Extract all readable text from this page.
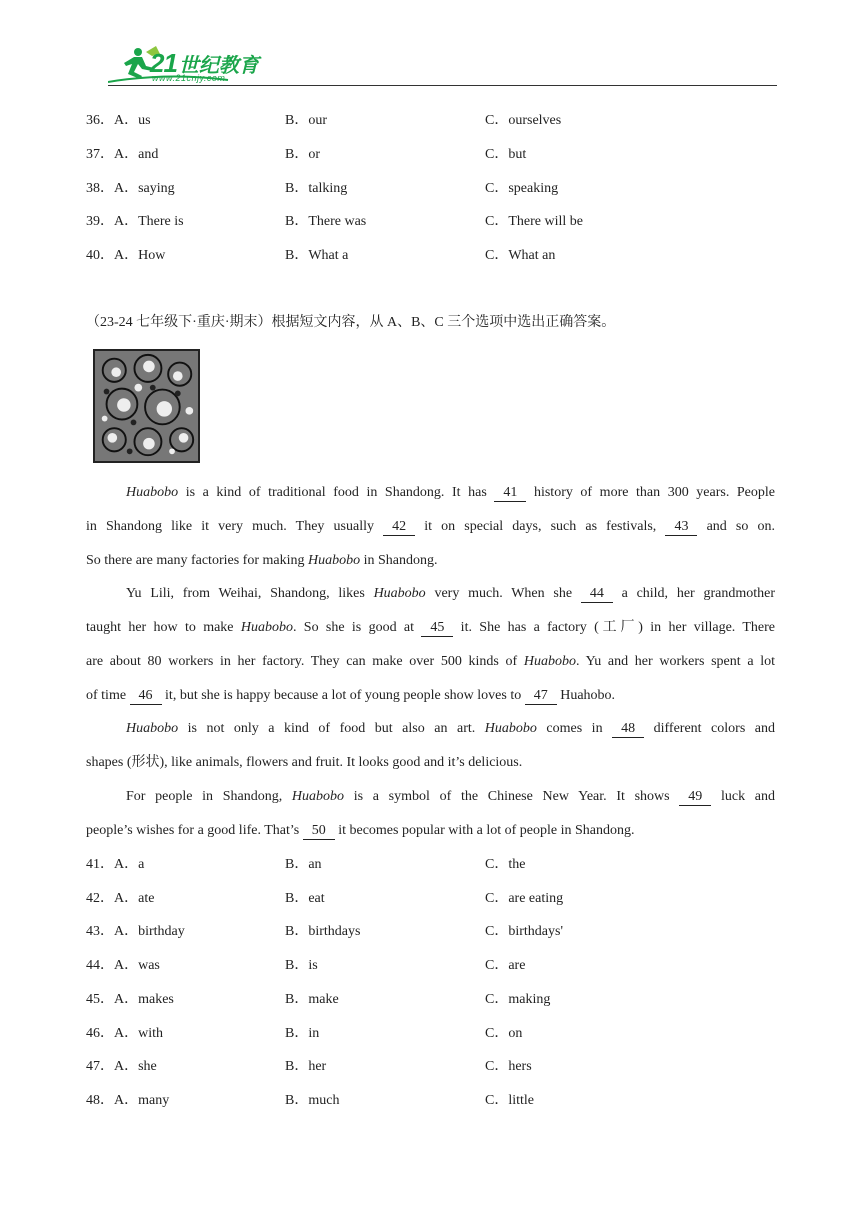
21 世纪教育
www.21cnjy.com
36．A．us	B．our	C．ourselves
37．A．and	B．or	C．but
38．A．saying	B．talking	C．speaking
39．A．There is	B．There was	C．There will be
40．A．How	B．What a	C．What an
（23-24 七年级下·重庆·期末）根据短文内容，从 A、B、C 三个选项中选出正确答案。
Huabobo is a kind of traditional food in Shandong. It has 41 history of more than 300 years. People
in Shandong like it very much. They usually 42 it on special days, such as festivals, 43 and so on.
So there are many factories for making Huabobo in Shandong.
Yu Lili, from Weihai, Shandong, likes Huabobo very much. When she 44 a child, her grandmother
taught her how to make Huabobo. So she is good at 45 it. She has a factory (工厂) in her village. There
are about 80 workers in her factory. They can make over 500 kinds of Huabobo. Yu and her workers spent a lot
of time 46 it, but she is happy because a lot of young people show loves to 47 Huahobo.
Huabobo is not only a kind of food but also an art. Huabobo comes in 48 different colors and
shapes (形状), like animals, flowers and fruit. It looks good and it’s delicious.
For people in Shandong, Huabobo is a symbol of the Chinese New Year. It shows 49 luck and
people’s wishes for a good life. That’s 50 it becomes popular with a lot of people in Shandong.
41．A．a	B．an	C．the
42．A．ate	B．eat	C．are eating
43．A．birthday	B．birthdays	C．birthdays'
44．A．was	B．is	C．are
45．A．makes	B．make	C．making
46．A．with	B．in	C．on
47．A．she	B．her	C．hers
48．A．many	B．much	C．little
